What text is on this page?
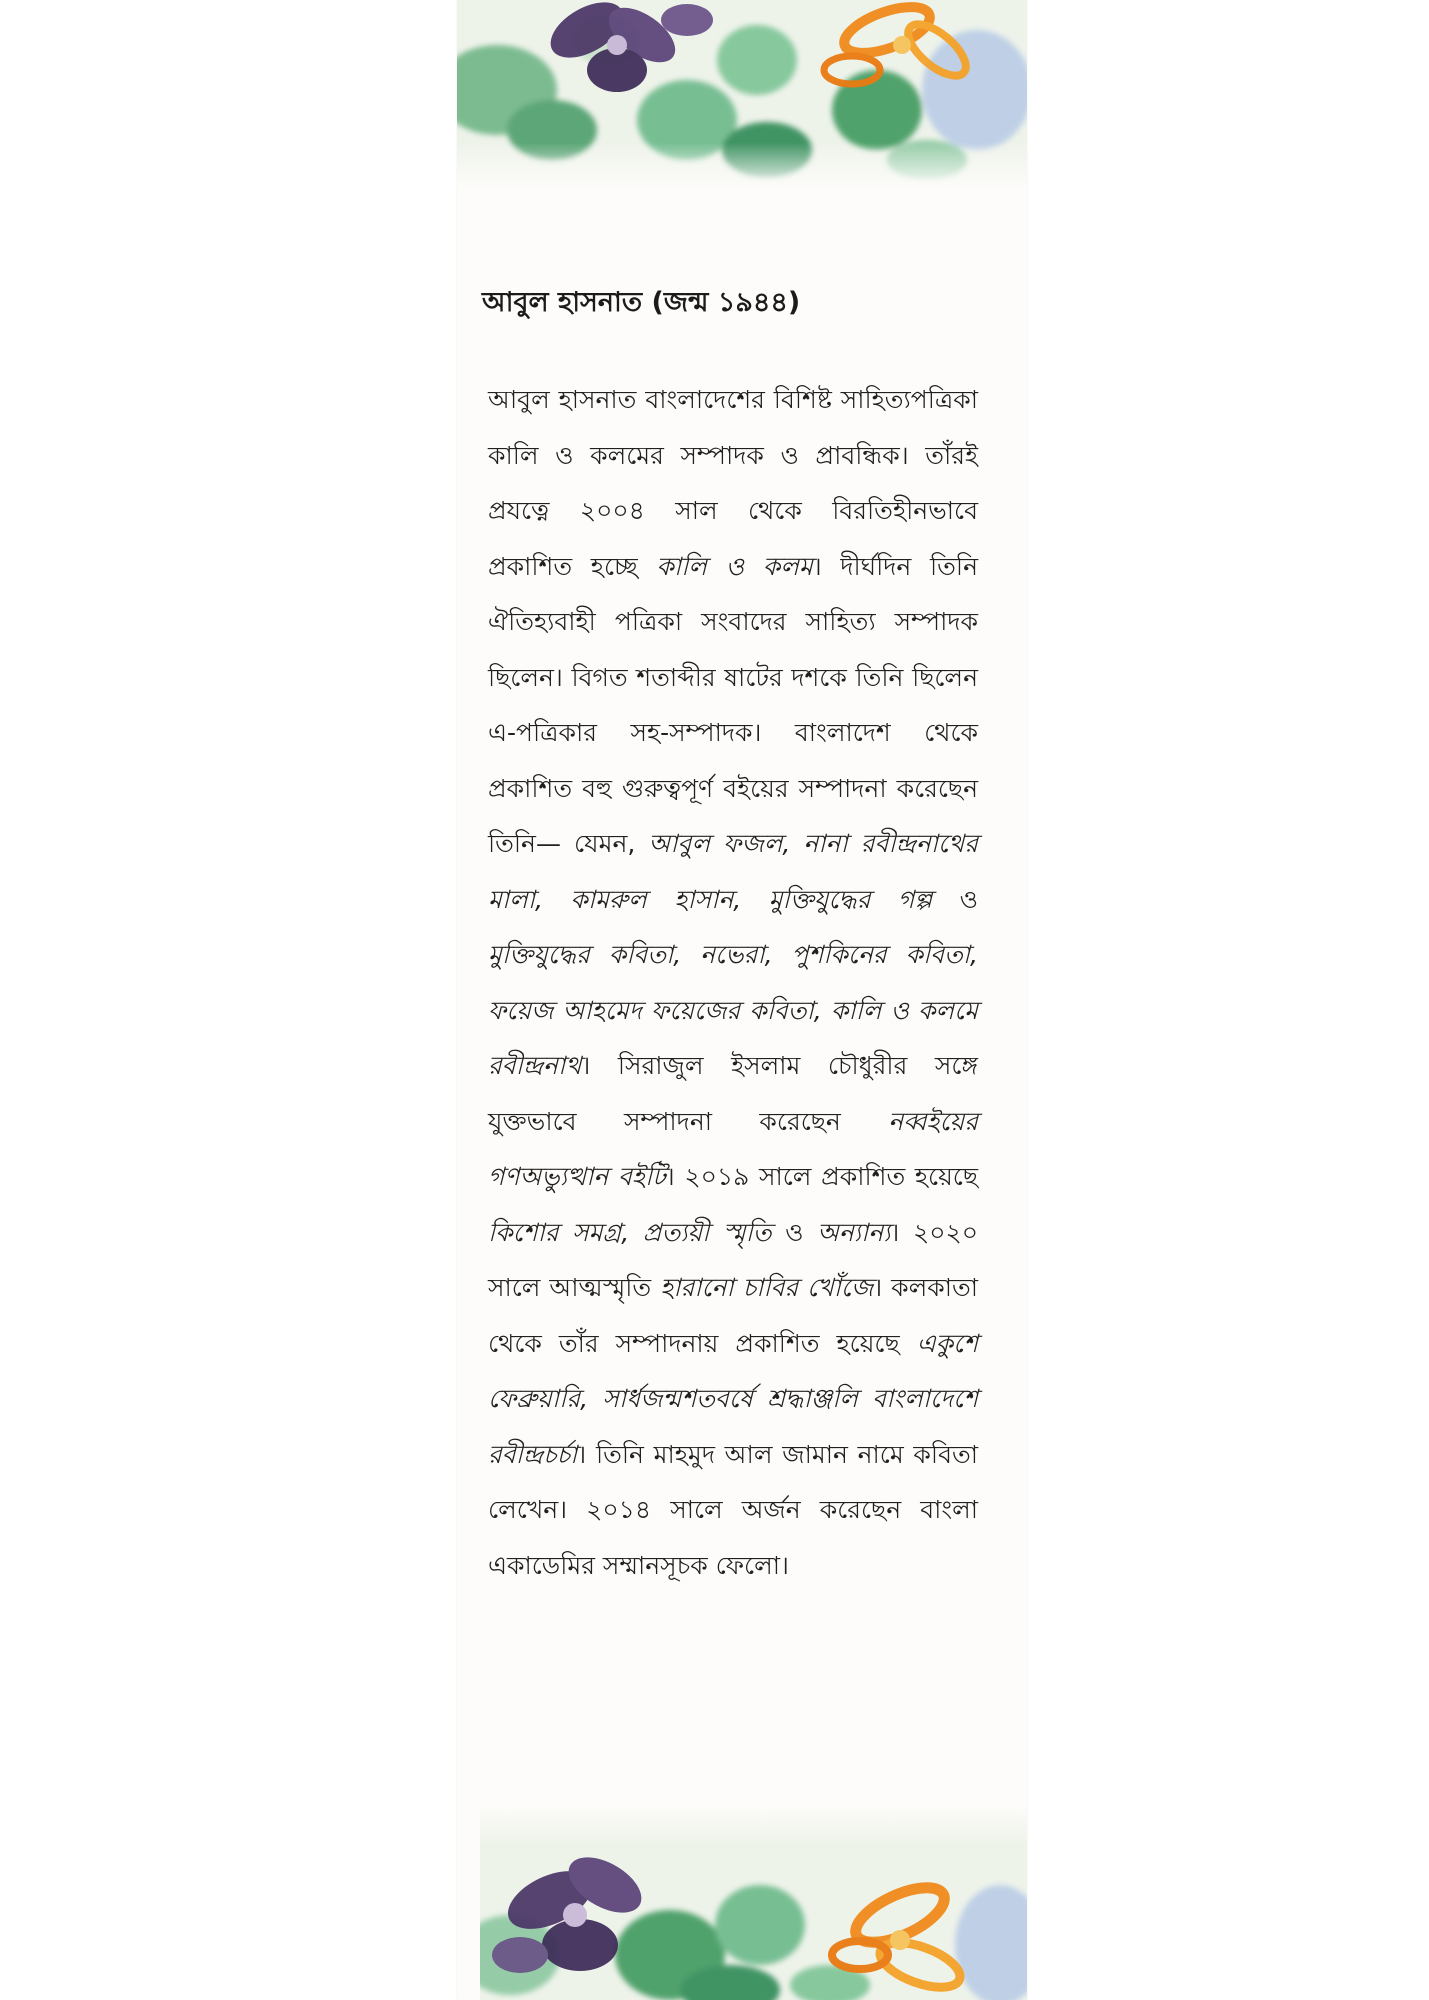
আবুল হাসনাত (জন্ম ১৯৪৪)

আবুল হাসনাত বাংলাদেশের বিশিষ্ট সাহিত্যপত্রিকা কালি ও কলমের সম্পাদক ও প্রাবন্ধিক। তাঁরই প্রযত্নে ২০০৪ সাল থেকে বিরতিহীনভাবে প্রকাশিত হচ্ছে কালি ও কলম। দীর্ঘদিন তিনি ঐতিহ্যবাহী পত্রিকা সংবাদের সাহিত্য সম্পাদক ছিলেন। বিগত শতাব্দীর ষাটের দশকে তিনি ছিলেন এ-পত্রিকার সহ-সম্পাদক। বাংলাদেশ থেকে প্রকাশিত বহু গুরুত্বপূর্ণ বইয়ের সম্পাদনা করেছেন তিনি— যেমন, আবুল ফজল, নানা রবীন্দ্রনাথের মালা, কামরুল হাসান, মুক্তিযুদ্ধের গল্প ও মুক্তিযুদ্ধের কবিতা, নভেরা, পুশকিনের কবিতা, ফয়েজ আহমেদ ফয়েজের কবিতা, কালি ও কলমে রবীন্দ্রনাথ। সিরাজুল ইসলাম চৌধুরীর সঙ্গে যুক্তভাবে সম্পাদনা করেছেন নব্বইয়ের গণঅভ্যুত্থান বইটি। ২০১৯ সালে প্রকাশিত হয়েছে কিশোর সমগ্র, প্রত্যয়ী স্মৃতি ও অন্যান্য। ২০২০ সালে আত্মস্মৃতি হারানো চাবির খোঁজে। কলকাতা থেকে তাঁর সম্পাদনায় প্রকাশিত হয়েছে একুশে ফেব্রুয়ারি, সার্ধজন্মশতবর্ষে শ্রদ্ধাঞ্জলি বাংলাদেশে রবীন্দ্রচর্চা। তিনি মাহমুদ আল জামান নামে কবিতা লেখেন। ২০১৪ সালে অর্জন করেছেন বাংলা একাডেমির সম্মানসূচক ফেলো।
